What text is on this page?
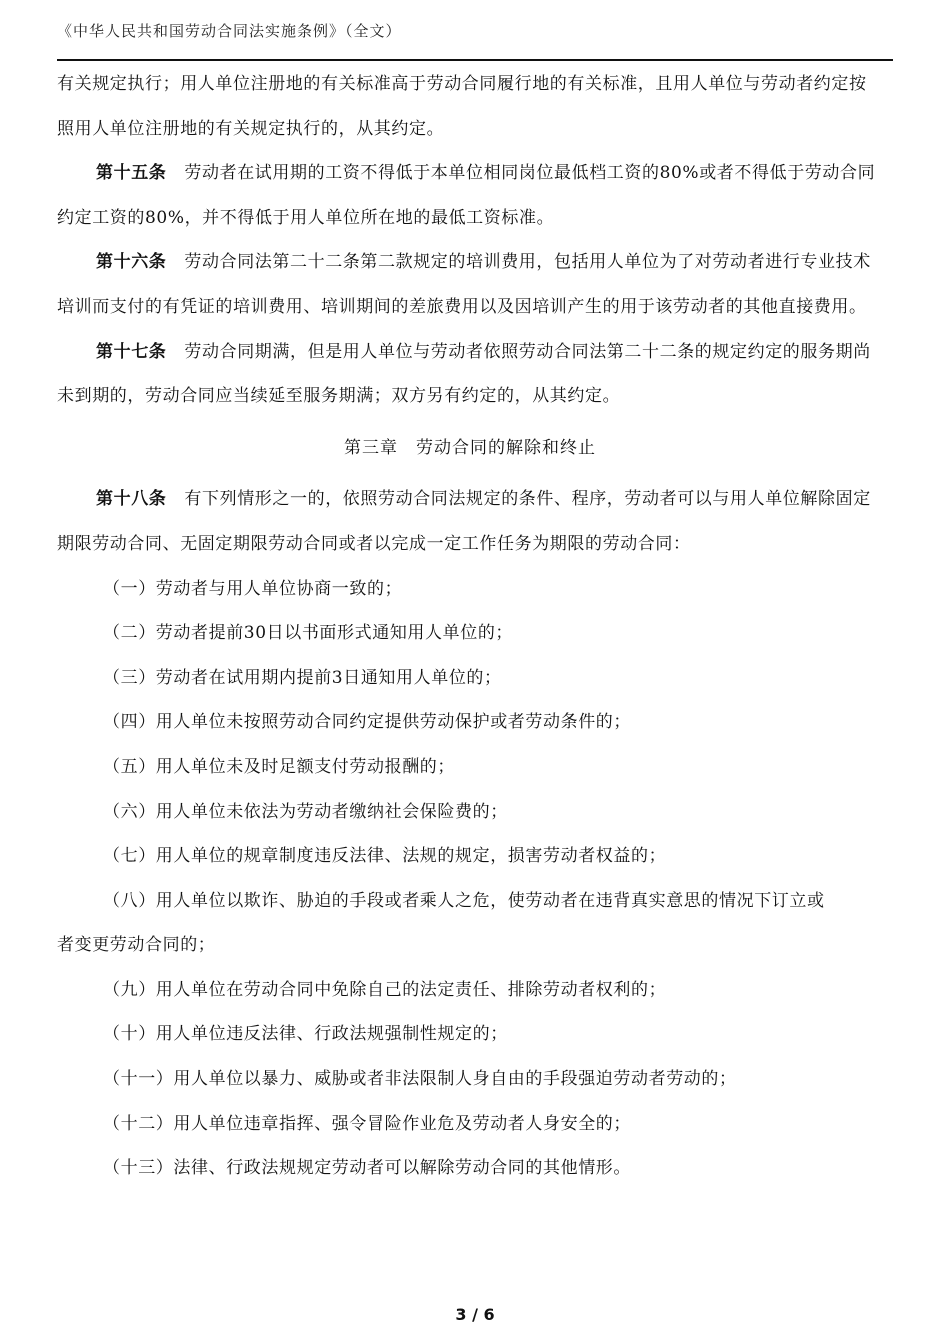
《中华人民共和国劳动合同法实施条例》（全文）

有关规定执行；用人单位注册地的有关标准高于劳动合同履行地的有关标准，且用人单位与劳动者约定按照用人单位注册地的有关规定执行的，从其约定。

第十五条 劳动者在试用期的工资不得低于本单位相同岗位最低档工资的80%或者不得低于劳动合同约定工资的80%，并不得低于用人单位所在地的最低工资标准。

第十六条 劳动合同法第二十二条第二款规定的培训费用，包括用人单位为了对劳动者进行专业技术培训而支付的有凭证的培训费用、培训期间的差旅费用以及因培训产生的用于该劳动者的其他直接费用。

第十七条 劳动合同期满，但是用人单位与劳动者依照劳动合同法第二十二条的规定约定的服务期尚未到期的，劳动合同应当续延至服务期满；双方另有约定的，从其约定。

第三章 劳动合同的解除和终止

第十八条 有下列情形之一的，依照劳动合同法规定的条件、程序，劳动者可以与用人单位解除固定期限劳动合同、无固定期限劳动合同或者以完成一定工作任务为期限的劳动合同：

（一）劳动者与用人单位协商一致的；

（二）劳动者提前30日以书面形式通知用人单位的；

（三）劳动者在试用期内提前3日通知用人单位的；

（四）用人单位未按照劳动合同约定提供劳动保护或者劳动条件的；

（五）用人单位未及时足额支付劳动报酬的；

（六）用人单位未依法为劳动者缴纳社会保险费的；

（七）用人单位的规章制度违反法律、法规的规定，损害劳动者权益的；

（八）用人单位以欺诈、胁迫的手段或者乘人之危，使劳动者在违背真实意思的情况下订立或

者变更劳动合同的；

（九）用人单位在劳动合同中免除自己的法定责任、排除劳动者权利的；

（十）用人单位违反法律、行政法规强制性规定的；

（十一）用人单位以暴力、威胁或者非法限制人身自由的手段强迫劳动者劳动的；

（十二）用人单位违章指挥、强令冒险作业危及劳动者人身安全的；

（十三）法律、行政法规规定劳动者可以解除劳动合同的其他情形。

3 / 6
